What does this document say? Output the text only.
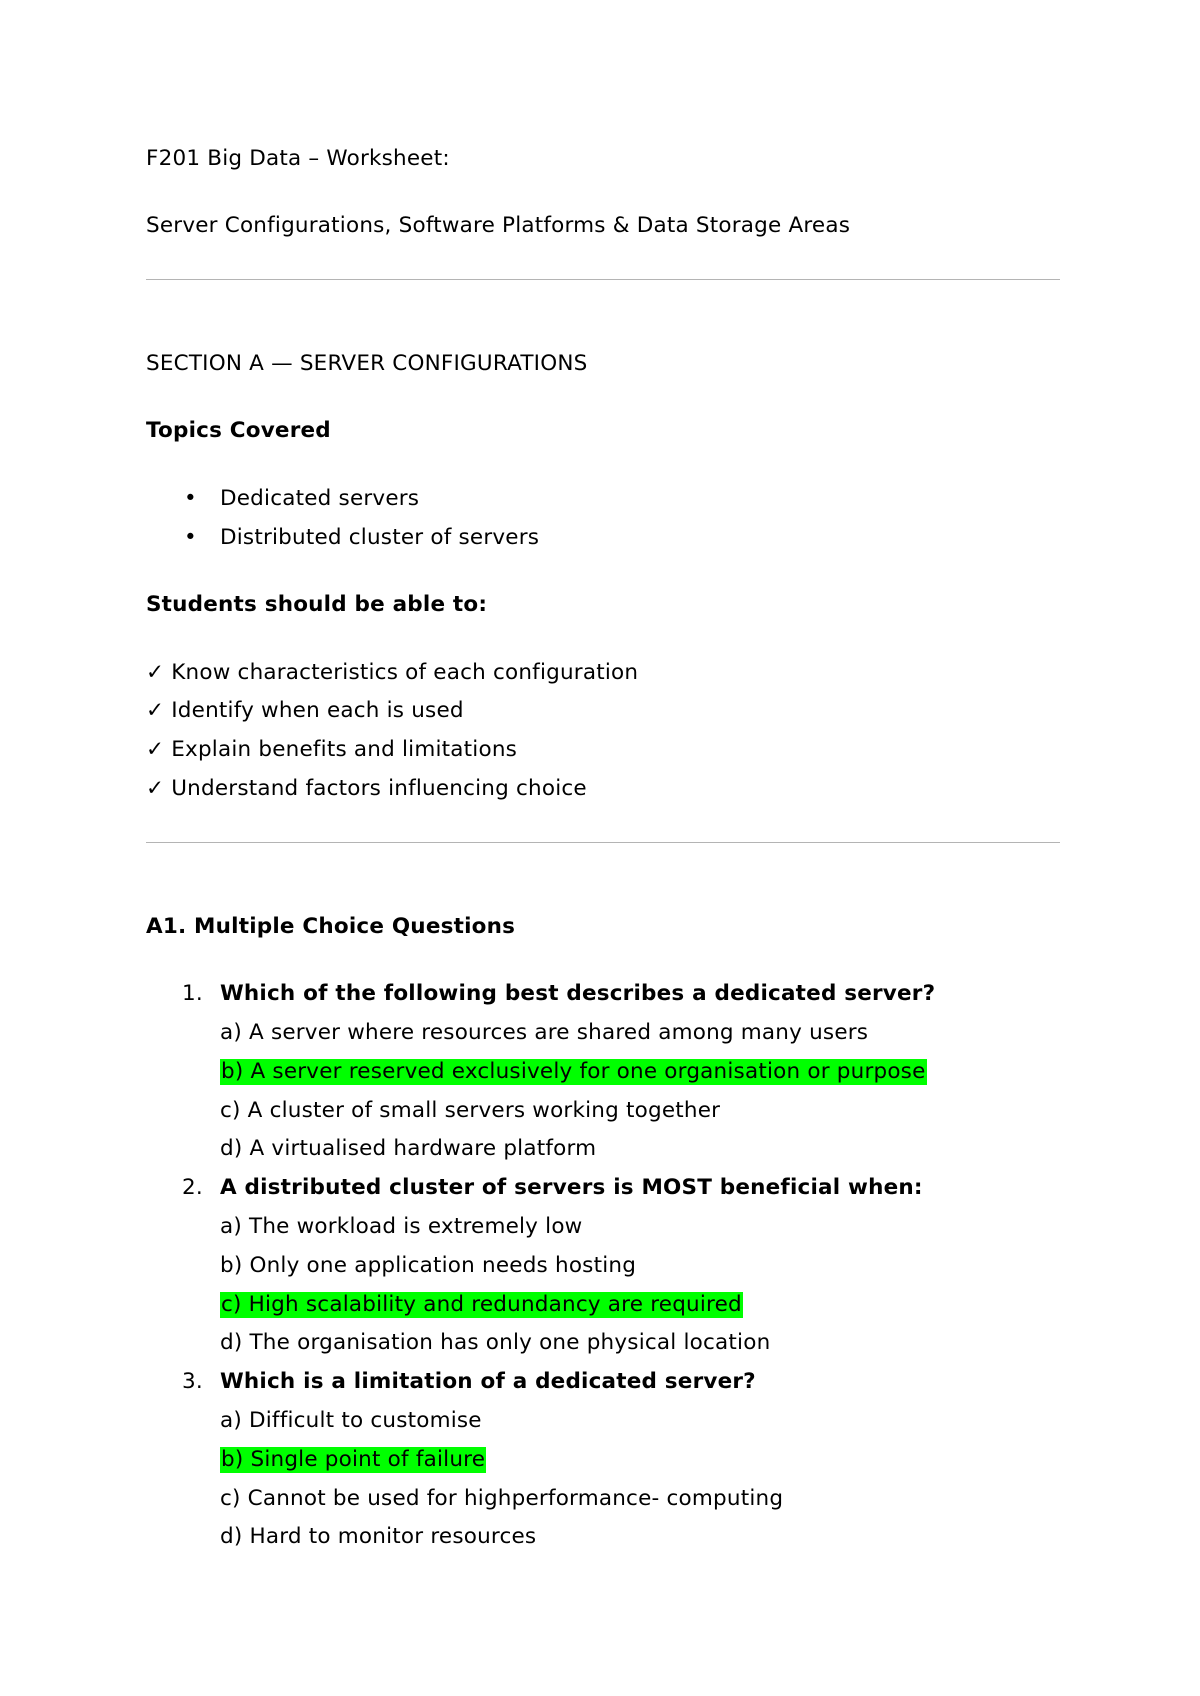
F201 Big Data – Worksheet:
Server Configurations, Software Platforms & Data Storage Areas
SECTION A — SERVER CONFIGURATIONS
Topics Covered
• Dedicated servers
• Distributed cluster of servers
Students should be able to:
✓ Know characteristics of each configuration
✓ Identify when each is used
✓ Explain benefits and limitations
✓ Understand factors influencing choice
A1. Multiple Choice Questions
1. Which of the following best describes a dedicated server?
a) A server where resources are shared among many users
b) A server reserved exclusively for one organisation or purpose
c) A cluster of small servers working together
d) A virtualised hardware platform
2. A distributed cluster of servers is MOST beneficial when:
a) The workload is extremely low
b) Only one application needs hosting
c) High scalability and redundancy are required
d) The organisation has only one physical location
3. Which is a limitation of a dedicated server?
a) Difficult to customise
b) Single point of failure
c) Cannot be used for highperformance- computing
d) Hard to monitor resources
